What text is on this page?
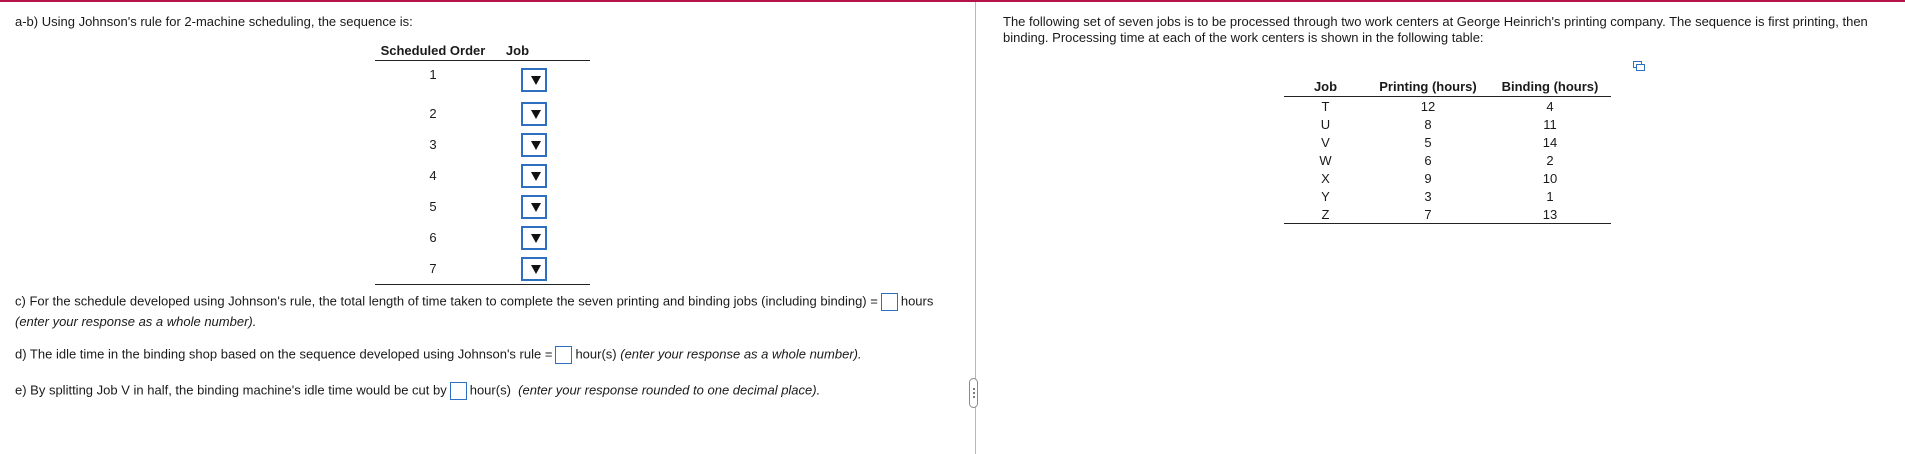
a-b) Using Johnson's rule for 2-machine scheduling, the sequence is:
Scheduled Order	Job
1	
2	
3	
4	
5	
6	
7	
c) For the schedule developed using Johnson's rule, the total length of time taken to complete the seven printing and binding jobs (including binding) = hours
(enter your response as a whole number).
d) The idle time in the binding shop based on the sequence developed using Johnson's rule = hour(s) (enter your response as a whole number).
e) By splitting Job V in half, the binding machine's idle time would be cut by hour(s) (enter your response rounded to one decimal place).
The following set of seven jobs is to be processed through two work centers at George Heinrich's printing company. The sequence is first printing, then binding. Processing time at each of the work centers is shown in the following table:
Job	Printing (hours)	Binding (hours)
T	12	4
U	8	11
V	5	14
W	6	2
X	9	10
Y	3	1
Z	7	13
